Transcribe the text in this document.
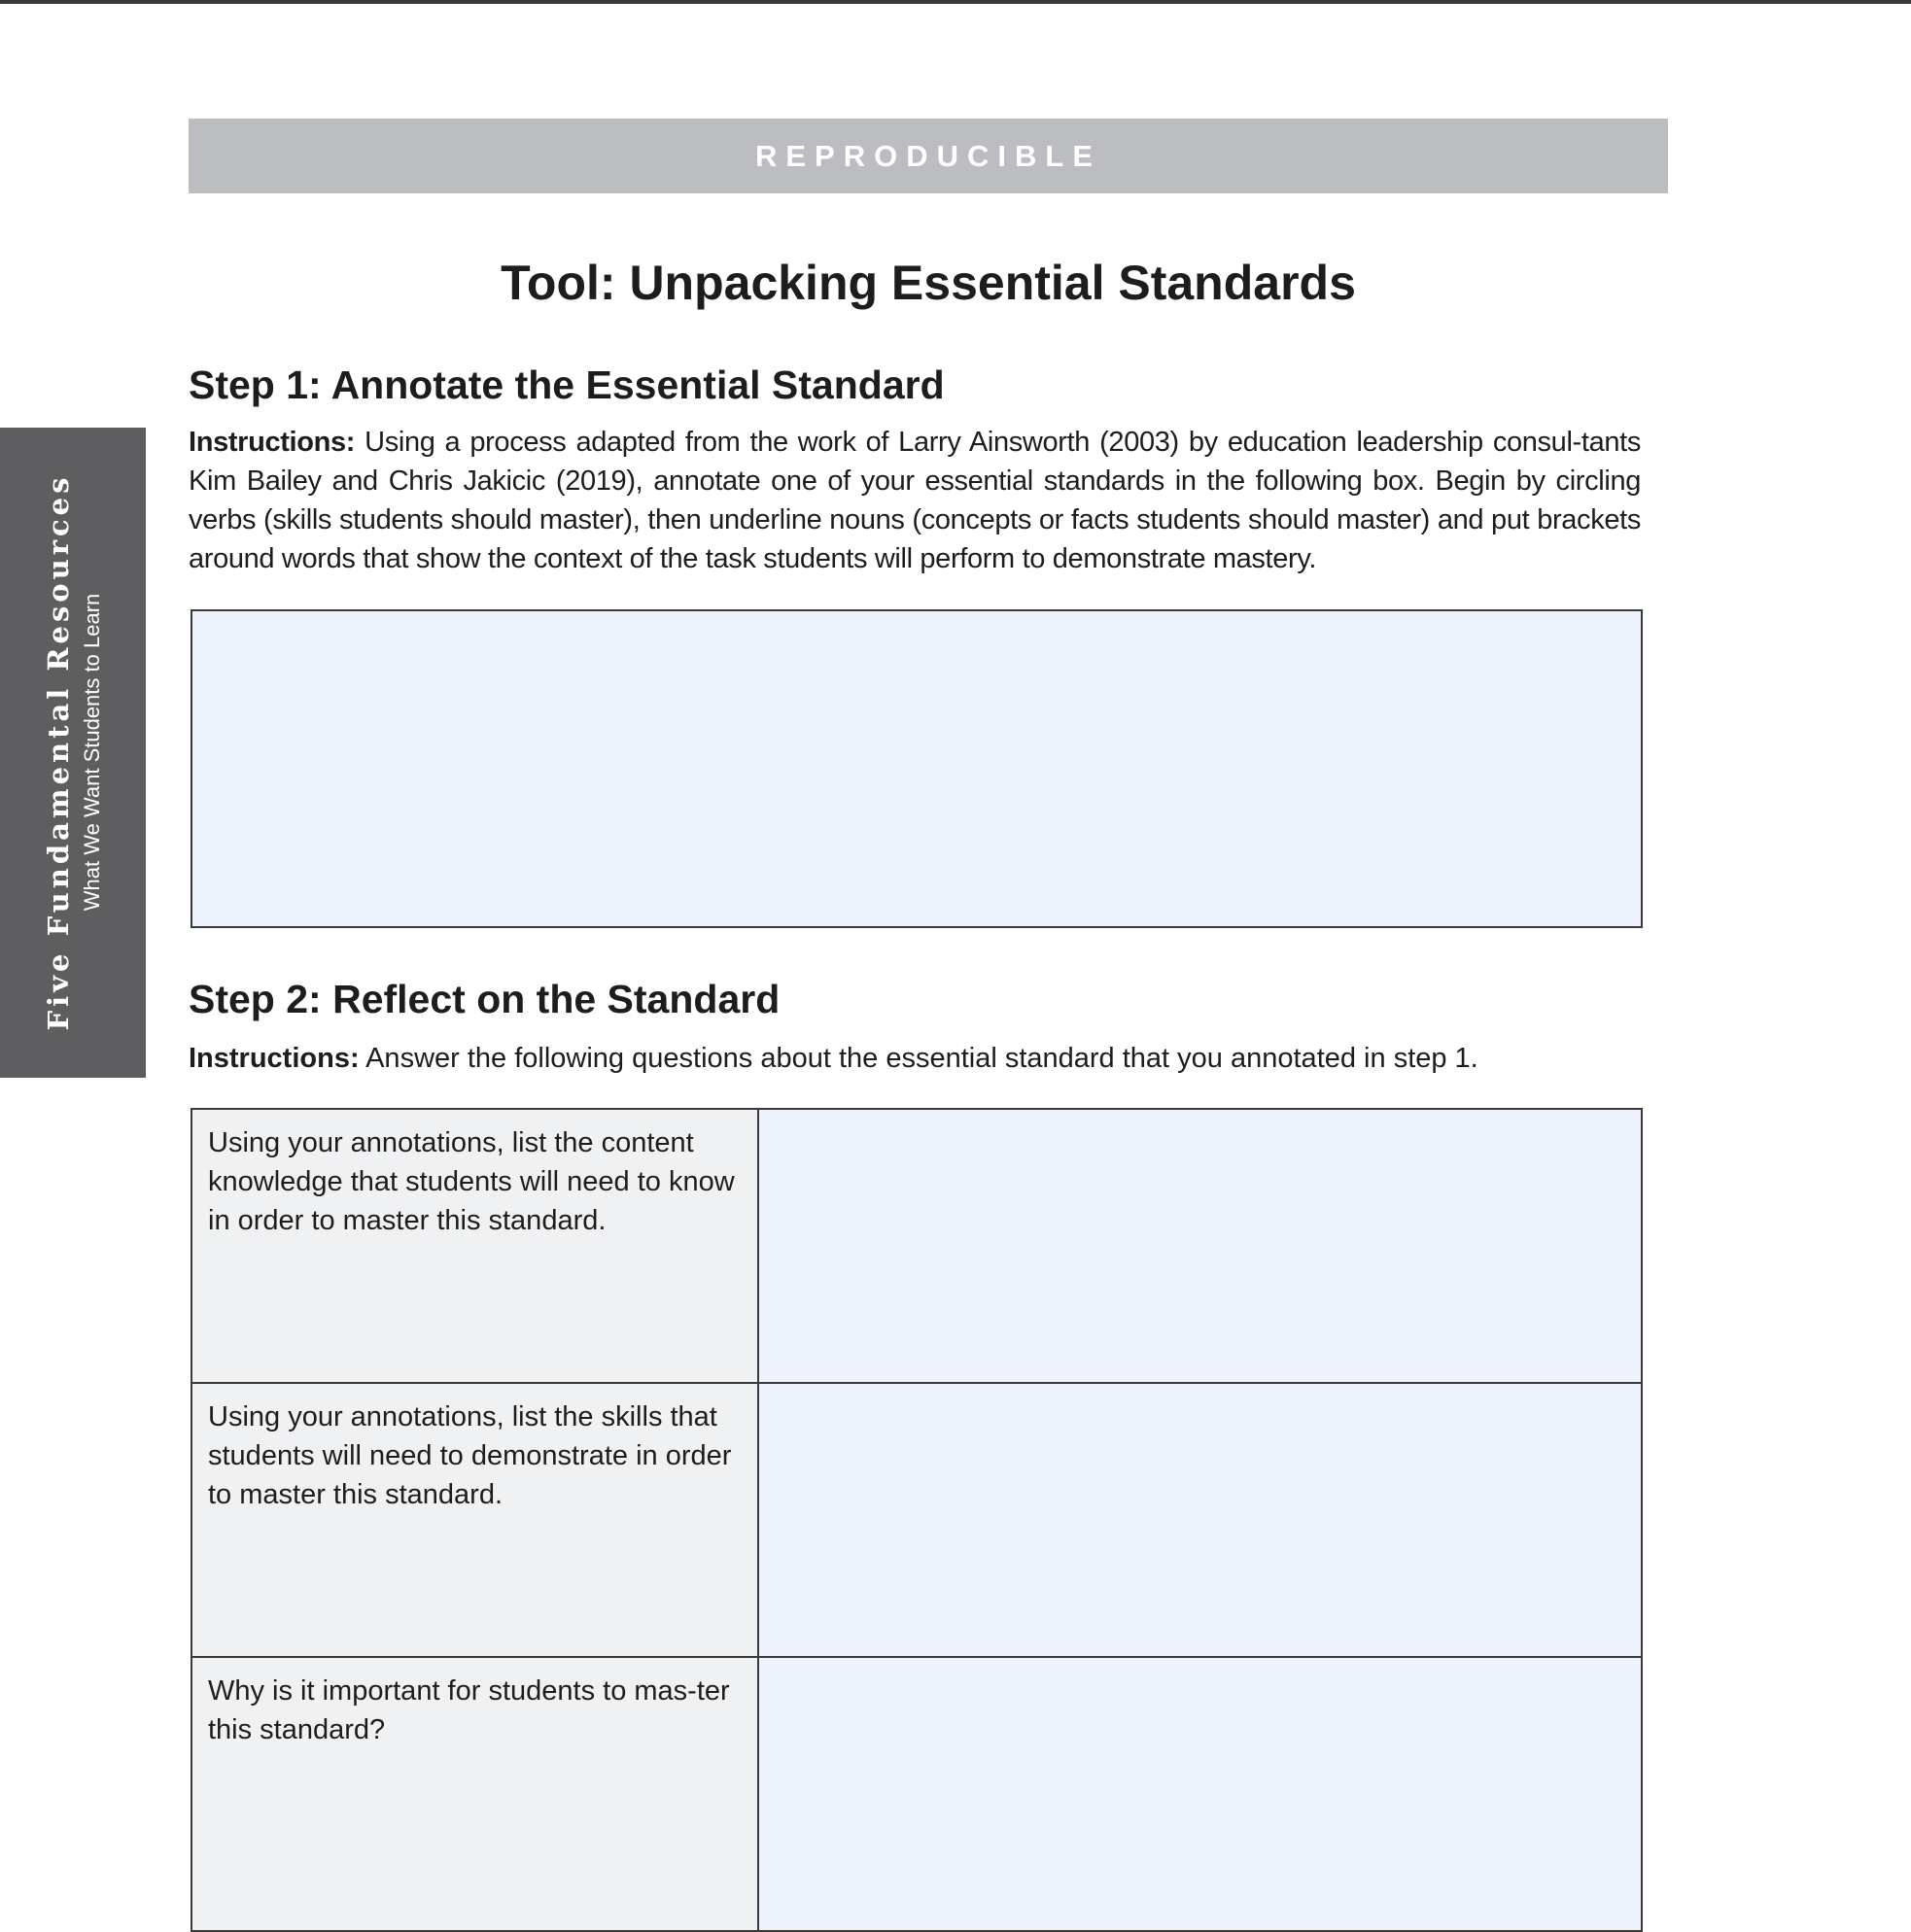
REPRODUCIBLE
Five Fundamental Resources What We Want Students to Learn
Tool: Unpacking Essential Standards
Step 1: Annotate the Essential Standard

Instructions: Using a process adapted from the work of Larry Ainsworth (2003) by education leadership consul-tants Kim Bailey and Chris Jakicic (2019), annotate one of your essential standards in the following box. Begin by circling verbs (skills students should master), then underline nouns (concepts or facts students should master) and put brackets around words that show the context of the task students will perform to demonstrate mastery.

Step 2: Reflect on the Standard

Instructions: Answer the following questions about the essential standard that you annotated in step 1.

Using your annotations, list the content knowledge that students will need to know in order to master this standard.	
Using your annotations, list the skills that students will need to demonstrate in order to master this standard.	
Why is it important for students to mas-ter this standard?	
